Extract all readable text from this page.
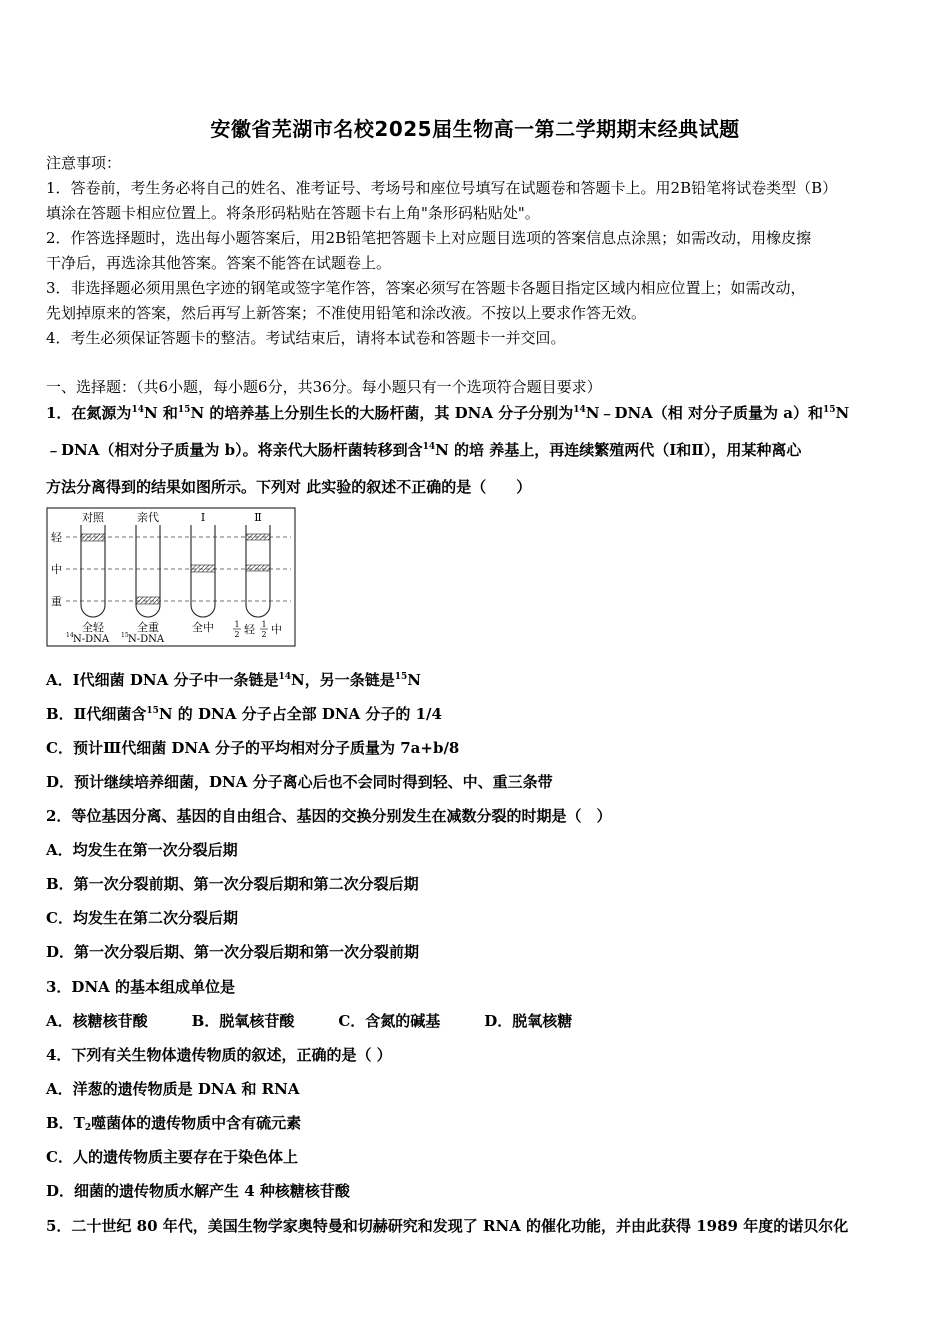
安徽省芜湖市名校2025届生物高一第二学期期末经典试题
注意事项：
1．答卷前，考生务必将自己的姓名、准考证号、考场号和座位号填写在试题卷和答题卡上。用2B铅笔将试卷类型（B）
填涂在答题卡相应位置上。将条形码粘贴在答题卡右上角"条形码粘贴处"。
2．作答选择题时，选出每小题答案后，用2B铅笔把答题卡上对应题目选项的答案信息点涂黑；如需改动，用橡皮擦
干净后，再选涂其他答案。答案不能答在试题卷上。
3．非选择题必须用黑色字迹的钢笔或签字笔作答，答案必须写在答题卡各题目指定区域内相应位置上；如需改动，
先划掉原来的答案，然后再写上新答案；不准使用铅笔和涂改液。不按以上要求作答无效。
4．考生必须保证答题卡的整洁。考试结束后，请将本试卷和答题卡一并交回。
一、选择题：（共6小题，每小题6分，共36分。每小题只有一个选项符合题目要求）
1．在氮源为$^{14}$N 和$^{15}$N 的培养基上分别生长的大肠杆菌，其 DNA 分子分别为$^{14}$N﹣DNA（相 对分子质量为 a）和$^{15}$N
﹣DNA（相对分子质量为 b）。将亲代大肠杆菌转移到含$^{14}$N 的培 养基上，再连续繁殖两代（Ⅰ和Ⅱ），用某种离心
方法分离得到的结果如图所示。下列对 此实验的叙述不正确的是（　　）
轻
中
重
对照	亲代	Ⅰ	Ⅱ
全轻	全重	全中	1
2 轻 1
2 中
14 N-DNA 15 N-DNA
A．Ⅰ代细菌 DNA 分子中一条链是$^{14}$N，另一条链是$^{15}$N
B．Ⅱ代细菌含$^{15}$N 的 DNA 分子占全部 DNA 分子的 1/4
C．预计Ⅲ代细菌 DNA 分子的平均相对分子质量为 7a+b/8
D．预计继续培养细菌，DNA 分子离心后也不会同时得到轻、中、重三条带
2．等位基因分离、基因的自由组合、基因的交换分别发生在减数分裂的时期是（　）
A．均发生在第一次分裂后期
B．第一次分裂前期、第一次分裂后期和第二次分裂后期
C．均发生在第二次分裂后期
D．第一次分裂后期、第一次分裂后期和第一次分裂前期
3．DNA 的基本组成单位是
A．核糖核苷酸	B．脱氧核苷酸	C．含氮的碱基	D．脱氧核糖
4．下列有关生物体遗传物质的叙述，正确的是（ ）
A．洋葱的遗传物质是 DNA 和 RNA
B．$T_2$噬菌体的遗传物质中含有硫元素
C．人的遗传物质主要存在于染色体上
D．细菌的遗传物质水解产生 4 种核糖核苷酸
5．二十世纪 80 年代，美国生物学家奥特曼和切赫研究和发现了 RNA 的催化功能，并由此获得 1989 年度的诺贝尔化
